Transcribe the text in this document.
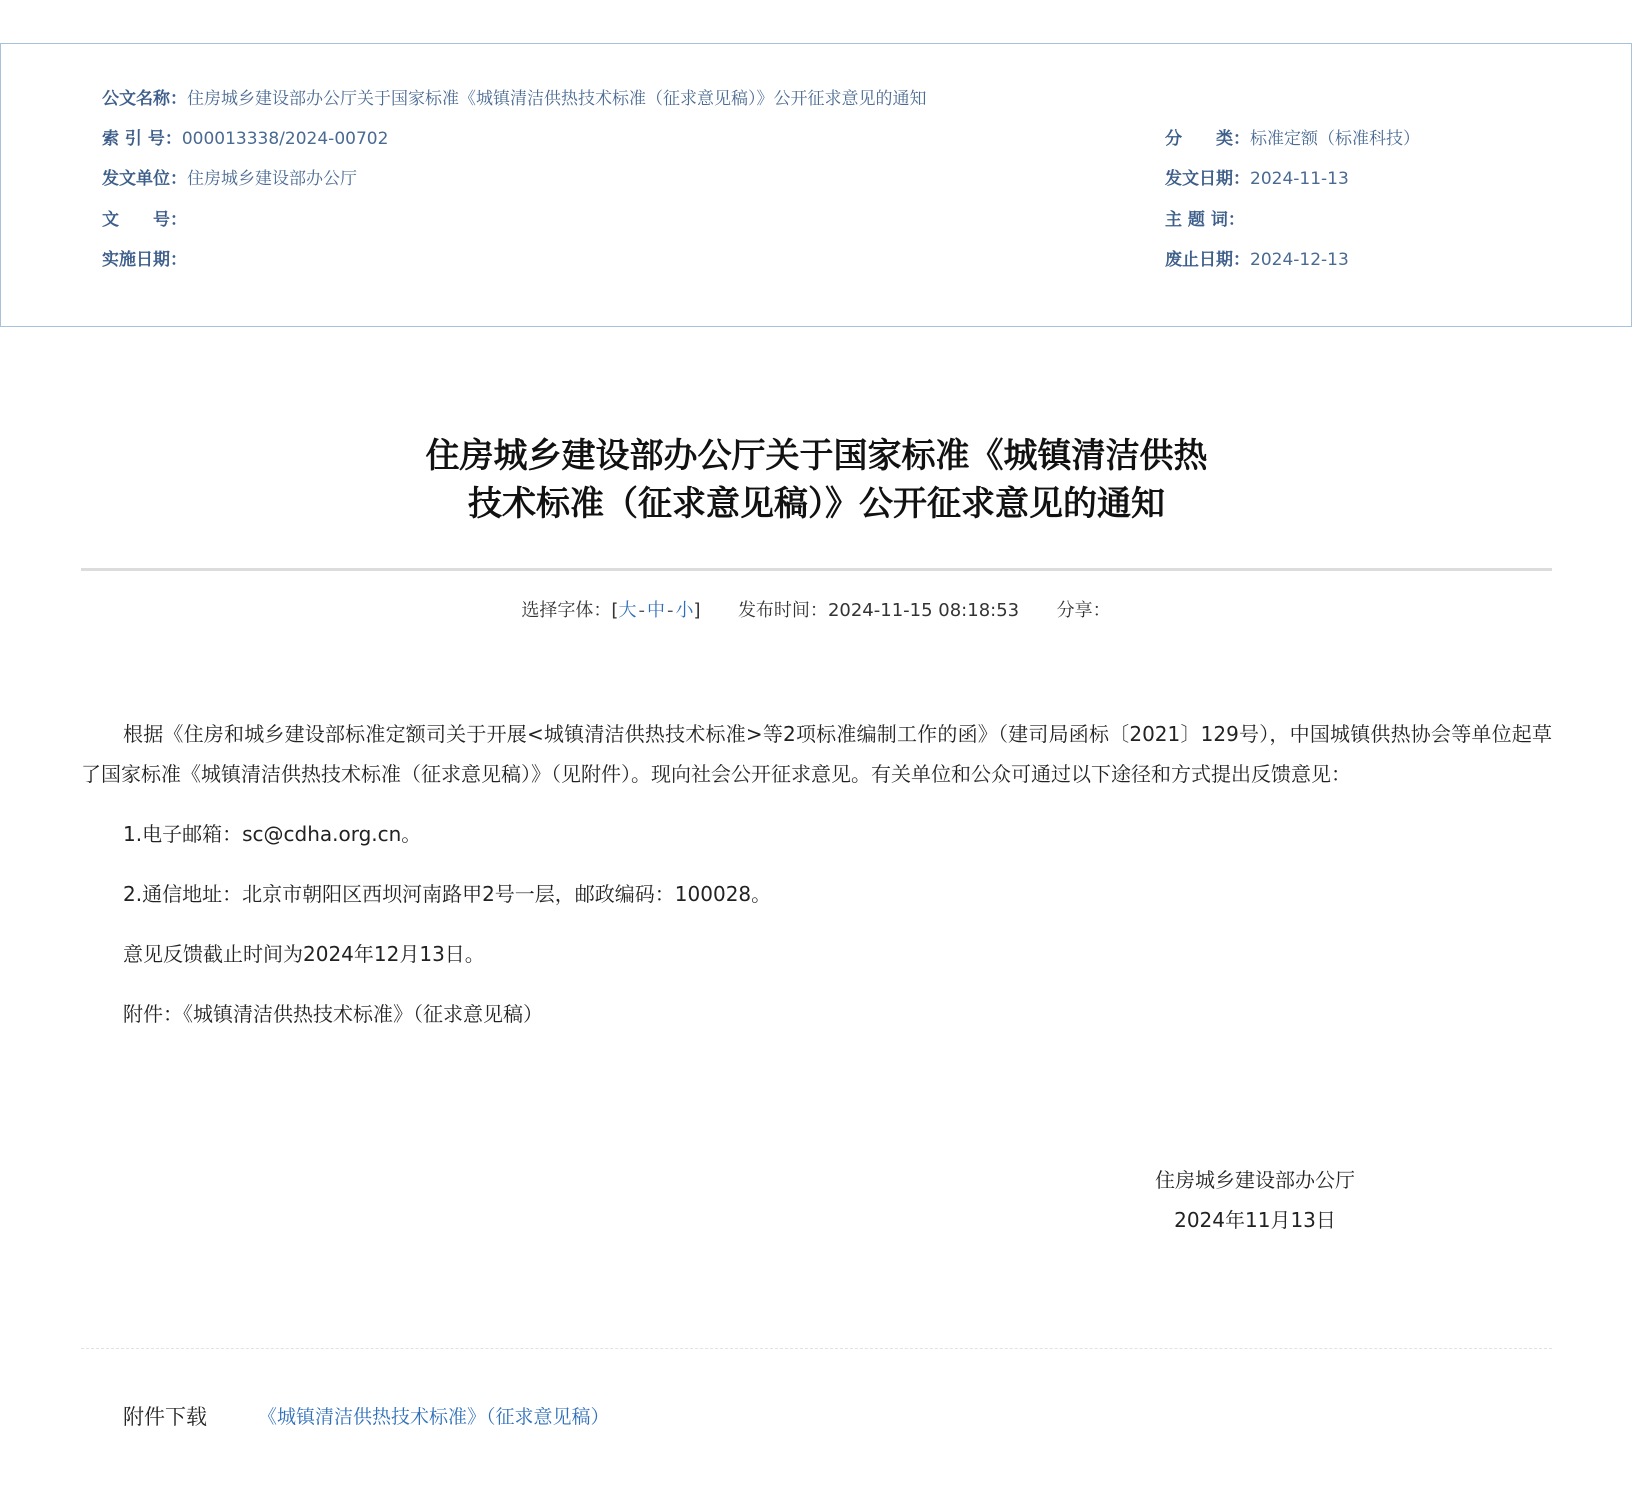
公文名称：住房城乡建设部办公厅关于国家标准《城镇清洁供热技术标准（征求意见稿）》公开征求意见的通知
索 引 号：000013338/2024-00702	分　　类：标准定额（标准科技）
发文单位：住房城乡建设部办公厅	发文日期：2024-11-13
文　　号：	主 题 词：
实施日期：	废止日期：2024-12-13
住房城乡建设部办公厅关于国家标准《城镇清洁供热
技术标准（征求意见稿）》公开征求意见的通知
选择字体：[大 - 中 - 小] 发布时间：2024-11-15 08:18:53 分享：

根据《住房和城乡建设部标准定额司关于开展<城镇清洁供热技术标准>等2项标准编制工作的函》（建司局函标〔2021〕129号），中国城镇供热协会等单位起草了国家标准《城镇清洁供热技术标准（征求意见稿）》（见附件）。现向社会公开征求意见。有关单位和公众可通过以下途径和方式提出反馈意见：

1.电子邮箱：sc@cdha.org.cn。

2.通信地址：北京市朝阳区西坝河南路甲2号一层，邮政编码：100028。

意见反馈截止时间为2024年12月13日。

附件：《城镇清洁供热技术标准》（征求意见稿）

住房城乡建设部办公厅
2024年11月13日
附件下载	《城镇清洁供热技术标准》（征求意见稿）
